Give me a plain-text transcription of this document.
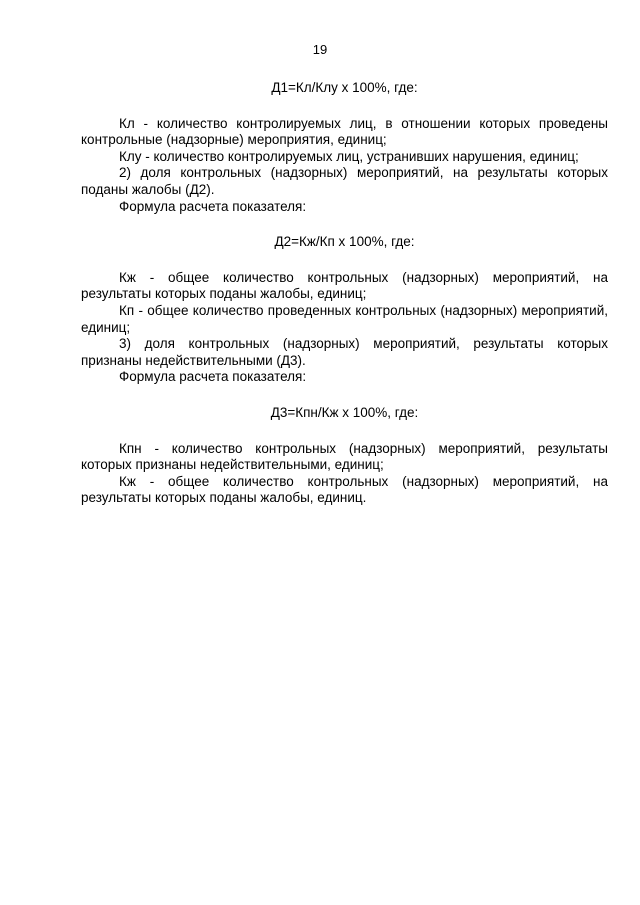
19

Д1=Кл/Клу х 100%, где:

Кл - количество контролируемых лиц, в отношении которых проведены контрольные (надзорные) мероприятия, единиц;

Клу - количество контролируемых лиц, устранивших нарушения, единиц;

2) доля контрольных (надзорных) мероприятий, на результаты которых поданы жалобы (Д2).

Формула расчета показателя:

Д2=Кж/Кп х 100%, где:

Кж - общее количество контрольных (надзорных) мероприятий, на результаты которых поданы жалобы, единиц;

Кп - общее количество проведенных контрольных (надзорных) мероприятий, единиц;

3) доля контрольных (надзорных) мероприятий, результаты которых признаны недействительными (Д3).

Формула расчета показателя:

Д3=Кпн/Кж х 100%, где:

Кпн - количество контрольных (надзорных) мероприятий, результаты которых признаны недействительными, единиц;

Кж - общее количество контрольных (надзорных) мероприятий, на результаты которых поданы жалобы, единиц.
